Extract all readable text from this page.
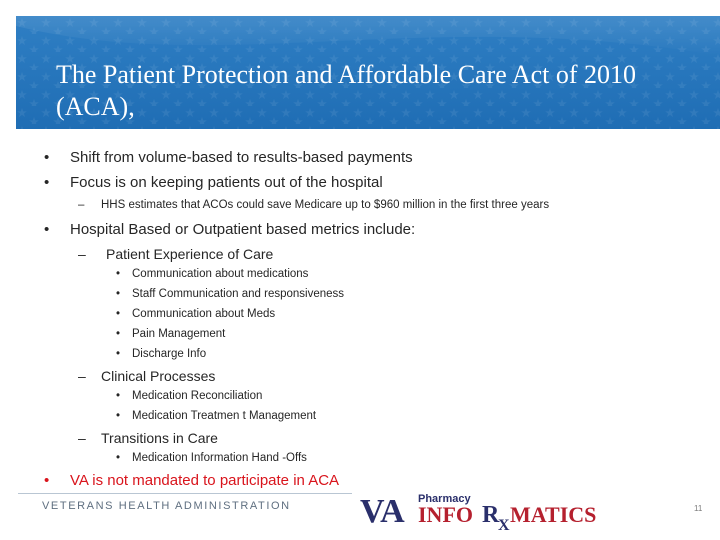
The Patient Protection and Affordable Care Act of 2010 (ACA),
• Shift from volume-based to results-based payments
• Focus is on keeping patients out of the hospital
– HHS estimates that ACOs could save Medicare up to $960 million in the first three years
• Hospital Based or Outpatient based metrics include:
– Patient Experience of Care
• Communication about medications
• Staff Communication and responsiveness
• Communication about Meds
• Pain Management
• Discharge Info
– Clinical Processes
• Medication Reconciliation
• Medication Treatmen t Management
– Transitions in Care
• Medication Information Hand -Offs
• VA is not mandated to participate in ACA
VETERANS HEALTH ADMINISTRATION VA Pharmacy
INFO R
X MATICS	11
